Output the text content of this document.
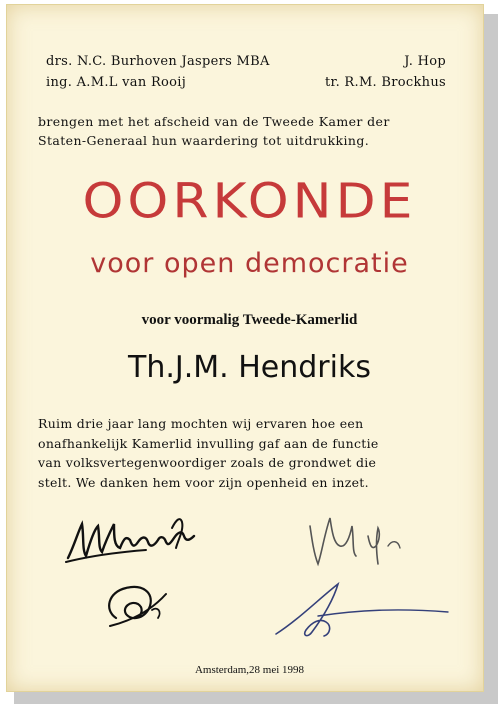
drs. N.C. Burhoven Jaspers MBA	J. Hop
ing. A.M.L van Rooij	tr. R.M. Brockhus
brengen met het afscheid van de Tweede Kamer der
Staten-Generaal hun waardering tot uitdrukking.
OORKONDE
voor open democratie
voor voormalig Tweede-Kamerlid
Th.J.M. Hendriks
Ruim drie jaar lang mochten wij ervaren hoe een
onafhankelijk Kamerlid invulling gaf aan de functie
van volksvertegenwoordiger zoals de grondwet die
stelt. We danken hem voor zijn openheid en inzet.
Amsterdam,28 mei 1998
